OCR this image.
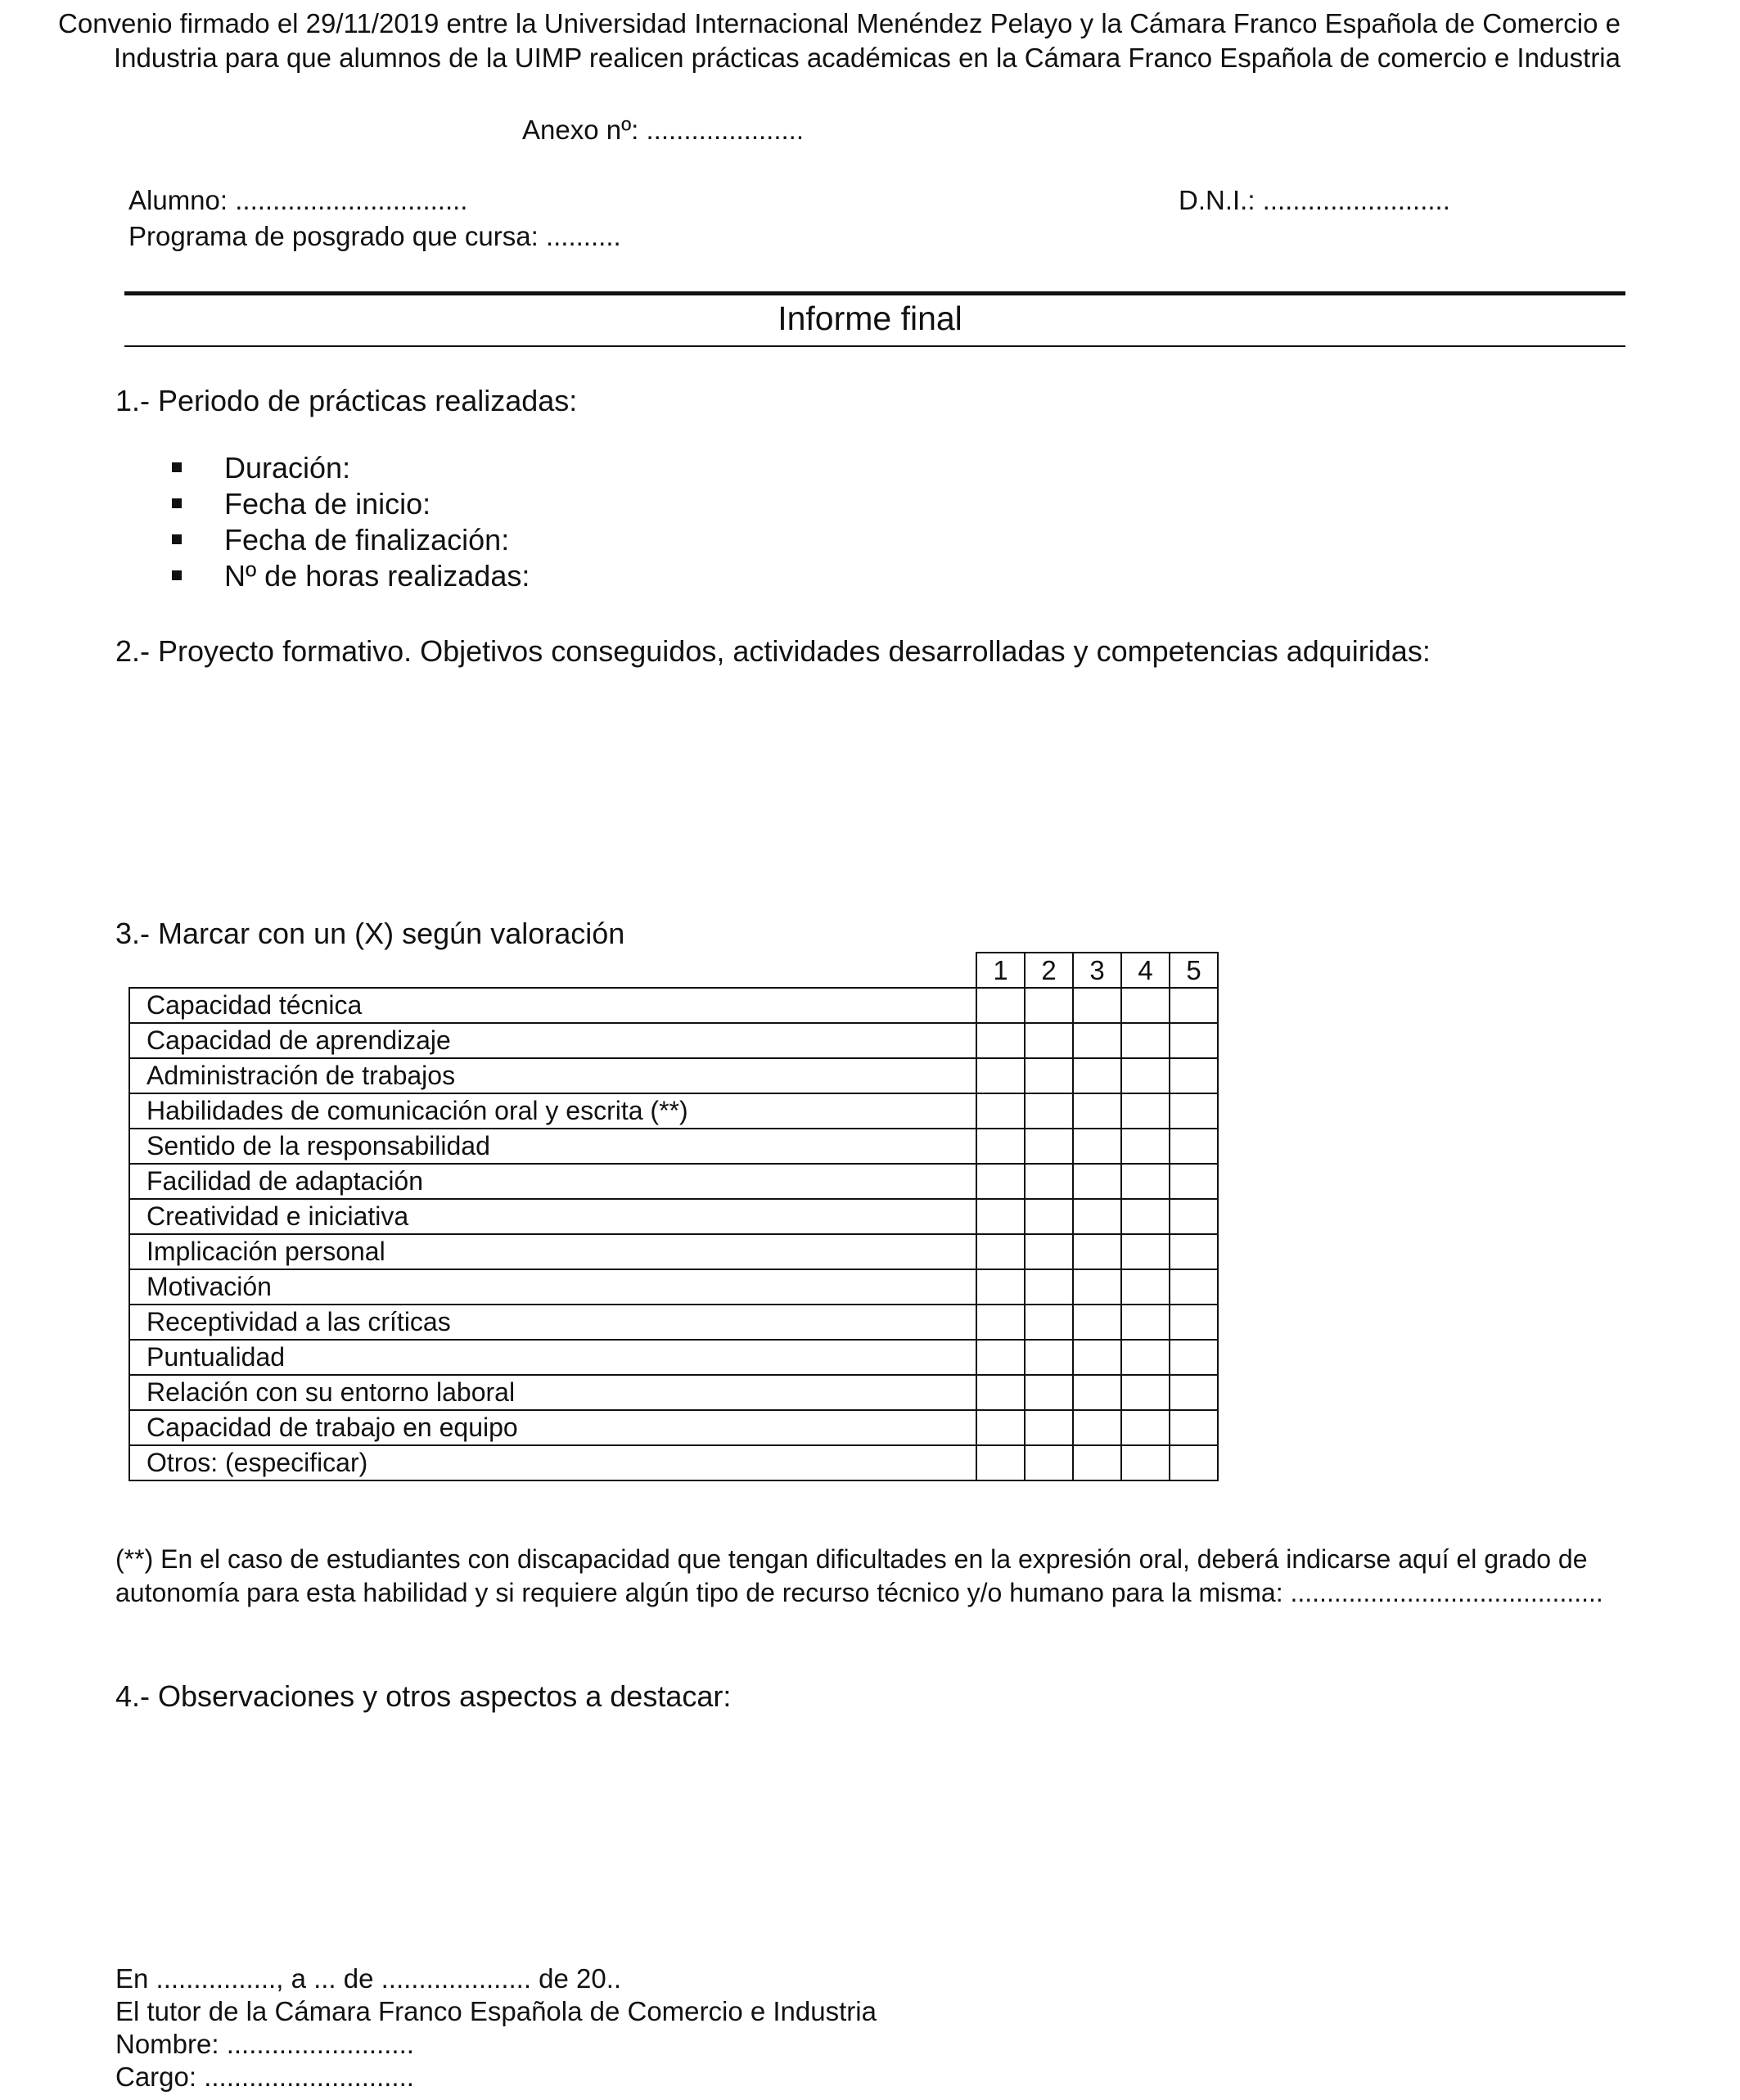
Convenio firmado el 29/11/2019 entre la Universidad Internacional Menéndez Pelayo y la Cámara Franco Española de Comercio e
Industria para que alumnos de la UIMP realicen prácticas académicas en la Cámara Franco Española de comercio e Industria
Anexo nº: .....................
Alumno: ...............................	D.N.I.: .........................
Programa de posgrado que cursa: ..........
Informe final
1.- Periodo de prácticas realizadas:
Duración:
Fecha de inicio:
Fecha de finalización:
Nº de horas realizadas:
2.- Proyecto formativo. Objetivos conseguidos, actividades desarrolladas y competencias adquiridas:
3.- Marcar con un (X) según valoración
	1	2	3	4	5
Capacidad técnica					
Capacidad de aprendizaje					
Administración de trabajos					
Habilidades de comunicación oral y escrita (**)					
Sentido de la responsabilidad					
Facilidad de adaptación					
Creatividad e iniciativa					
Implicación personal					
Motivación					
Receptividad a las críticas					
Puntualidad					
Relación con su entorno laboral					
Capacidad de trabajo en equipo					
Otros: (especificar)					
(**) En el caso de estudiantes con discapacidad que tengan dificultades en la expresión oral, deberá indicarse aquí el grado de autonomía para esta habilidad y si requiere algún tipo de recurso técnico y/o humano para la misma: ...........................................
4.- Observaciones y otros aspectos a destacar:
En ................, a ... de .................... de 20..
El tutor de la Cámara Franco Española de Comercio e Industria
Nombre: .........................
Cargo: ............................
